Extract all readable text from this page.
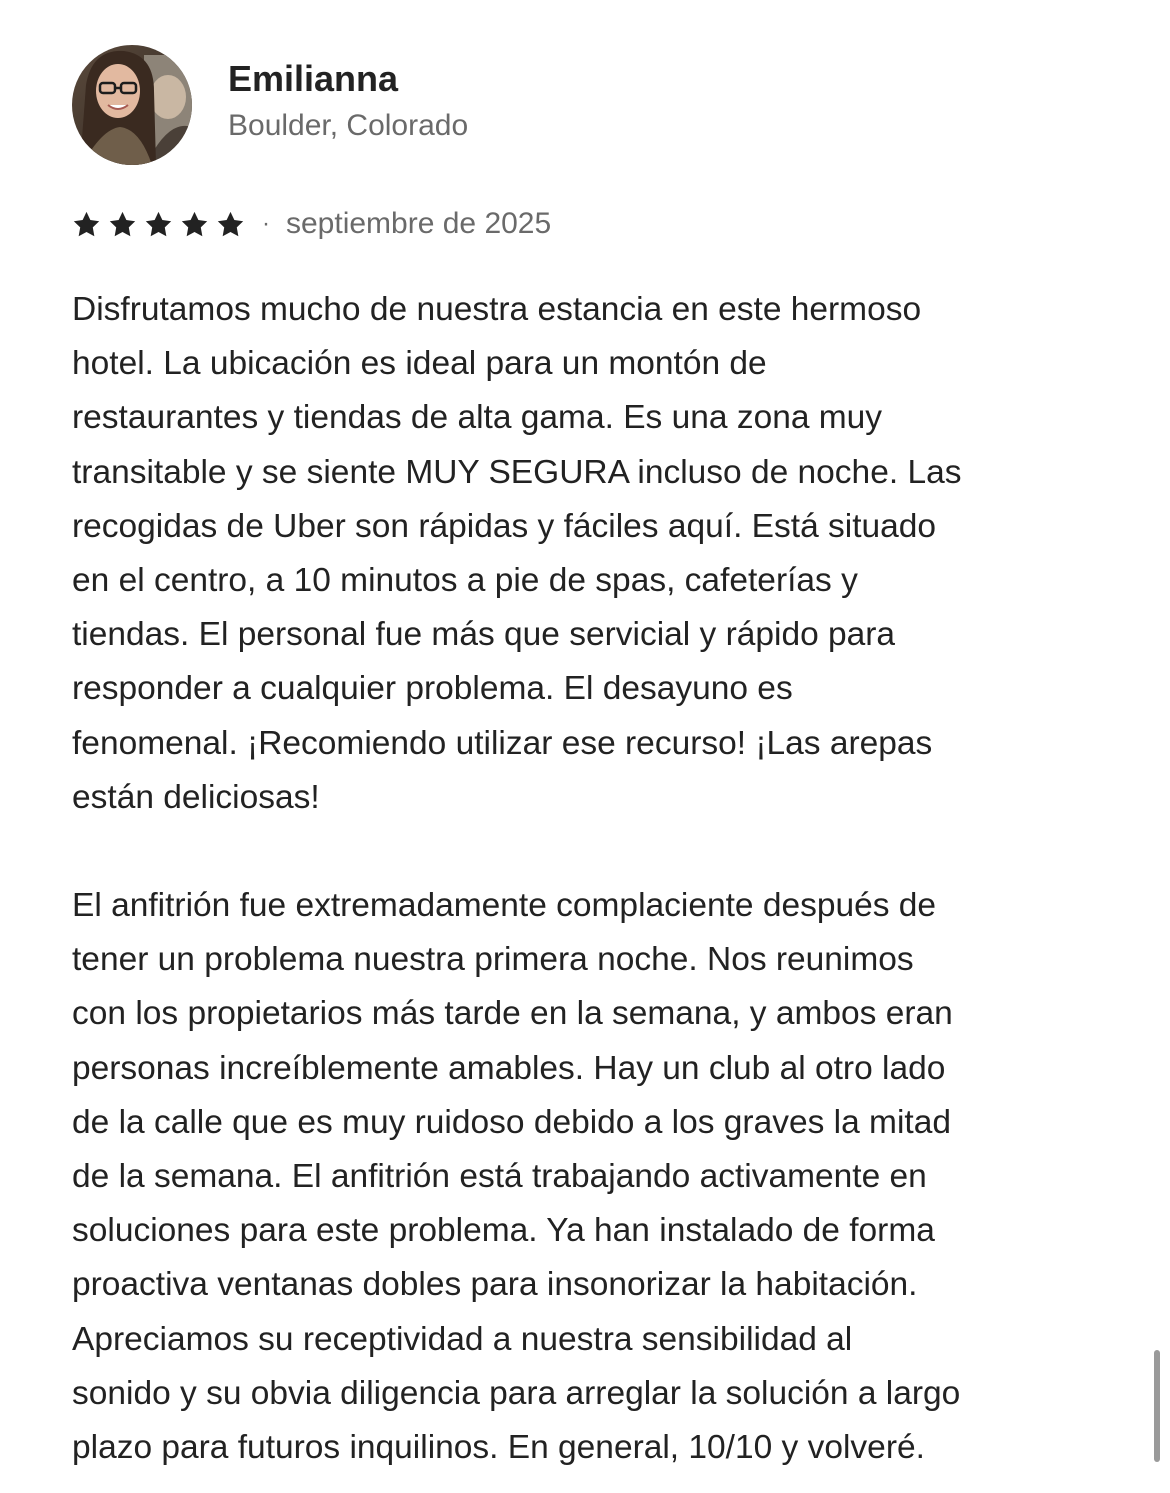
Emilianna
Boulder, Colorado
· septiembre de 2025

Disfrutamos mucho de nuestra estancia en este hermoso
hotel. La ubicación es ideal para un montón de
restaurantes y tiendas de alta gama. Es una zona muy
transitable y se siente MUY SEGURA incluso de noche. Las
recogidas de Uber son rápidas y fáciles aquí. Está situado
en el centro, a 10 minutos a pie de spas, cafeterías y
tiendas. El personal fue más que servicial y rápido para
responder a cualquier problema. El desayuno es
fenomenal. ¡Recomiendo utilizar ese recurso! ¡Las arepas
están deliciosas!

El anfitrión fue extremadamente complaciente después de
tener un problema nuestra primera noche. Nos reunimos
con los propietarios más tarde en la semana, y ambos eran
personas increíblemente amables. Hay un club al otro lado
de la calle que es muy ruidoso debido a los graves la mitad
de la semana. El anfitrión está trabajando activamente en
soluciones para este problema. Ya han instalado de forma
proactiva ventanas dobles para insonorizar la habitación.
Apreciamos su receptividad a nuestra sensibilidad al
sonido y su obvia diligencia para arreglar la solución a largo
plazo para futuros inquilinos. En general, 10/10 y volveré.
